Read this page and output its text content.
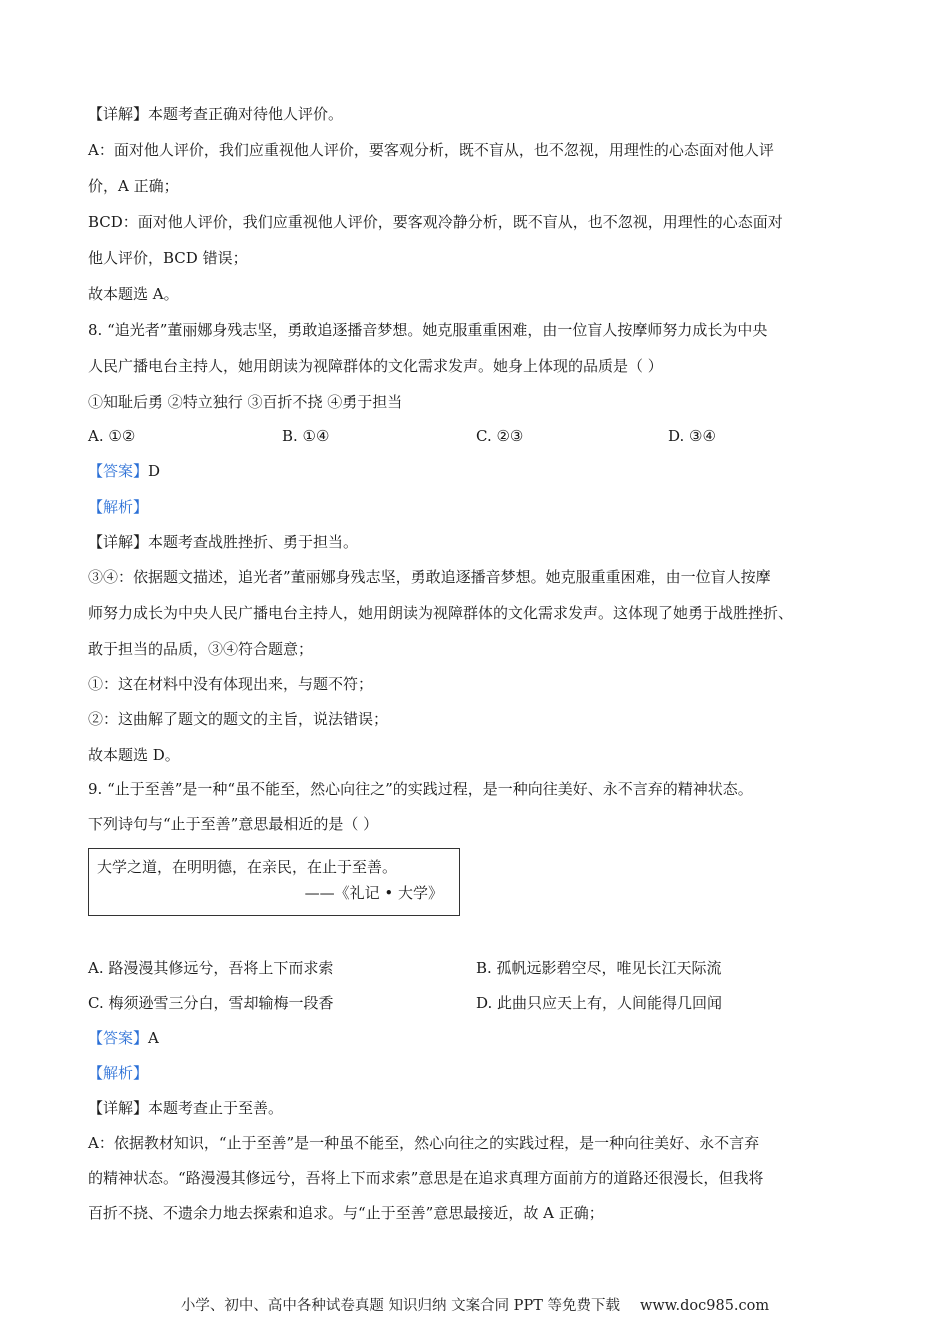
【详解】本题考查正确对待他人评价。
A：面对他人评价，我们应重视他人评价，要客观分析，既不盲从，也不忽视，用理性的心态面对他人评
价，A 正确；
BCD：面对他人评价，我们应重视他人评价，要客观冷静分析，既不盲从，也不忽视，用理性的心态面对
他人评价，BCD 错误；
故本题选 A。
8. “追光者”董丽娜身残志坚，勇敢追逐播音梦想。她克服重重困难，由一位盲人按摩师努力成长为中央
人民广播电台主持人，她用朗读为视障群体的文化需求发声。她身上体现的品质是（ ）
①知耻后勇 ②特立独行 ③百折不挠 ④勇于担当
A. ①②	B. ①④	C. ②③	D. ③④
【答案】D
【解析】
【详解】本题考查战胜挫折、勇于担当。
③④：依据题文描述，追光者”董丽娜身残志坚，勇敢追逐播音梦想。她克服重重困难，由一位盲人按摩
师努力成长为中央人民广播电台主持人，她用朗读为视障群体的文化需求发声。这体现了她勇于战胜挫折、
敢于担当的品质，③④符合题意；
①：这在材料中没有体现出来，与题不符；
②：这曲解了题文的题文的主旨，说法错误；
故本题选 D。
9. “止于至善”是一种“虽不能至，然心向往之”的实践过程，是一种向往美好、永不言弃的精神状态。
下列诗句与“止于至善”意思最相近的是（ ）
大学之道，在明明德，在亲民，在止于至善。
——《礼记 • 大学》
A. 路漫漫其修远兮，吾将上下而求索	B. 孤帆远影碧空尽，唯见长江天际流
C. 梅须逊雪三分白，雪却输梅一段香	D. 此曲只应天上有，人间能得几回闻
【答案】A
【解析】
【详解】本题考查止于至善。
A：依据教材知识，“止于至善”是一种虽不能至，然心向往之的实践过程，是一种向往美好、永不言弃
的精神状态。“路漫漫其修远兮，吾将上下而求索”意思是在追求真理方面前方的道路还很漫长，但我将
百折不挠、不遗余力地去探索和追求。与“止于至善”意思最接近，故 A 正确；
小学、初中、高中各种试卷真题 知识归纳 文案合同 PPT 等免费下载 www.doc985.com
